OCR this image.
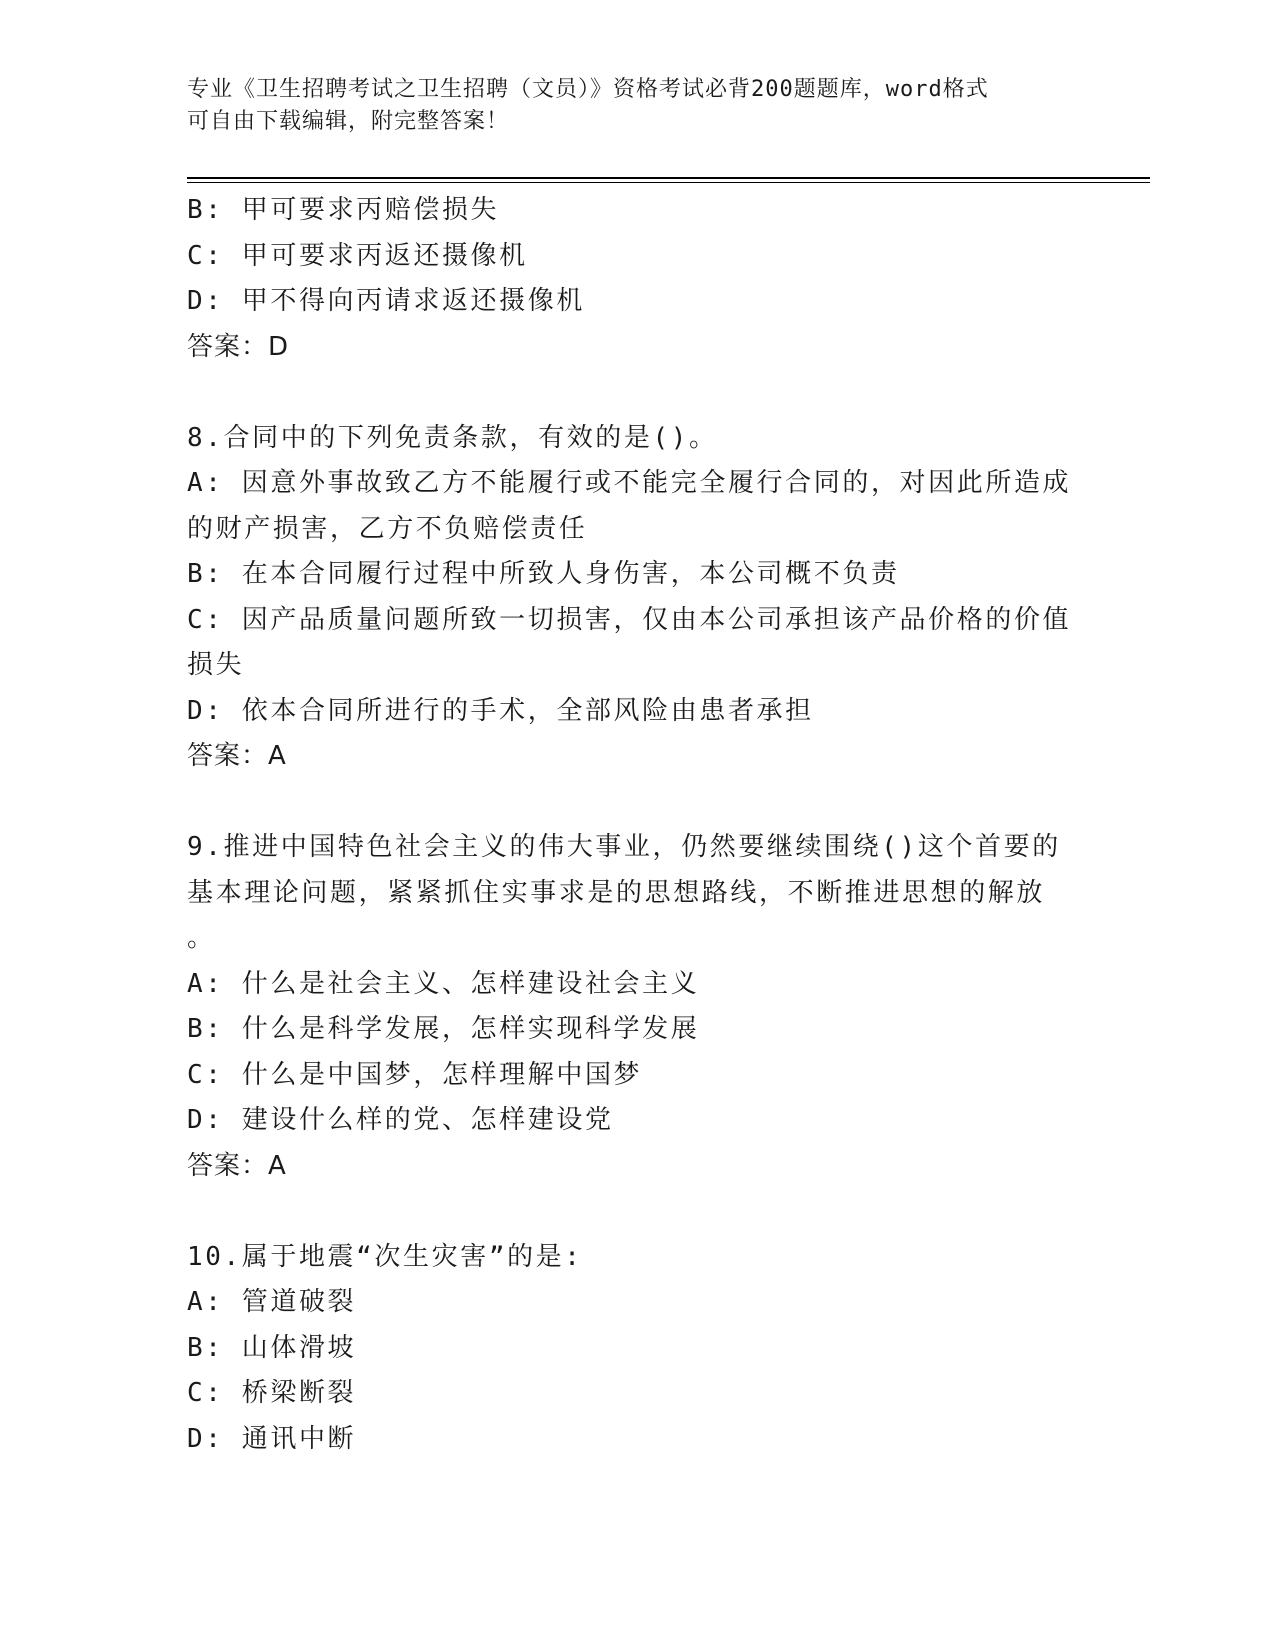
专业《卫生招聘考试之卫生招聘（文员）》资格考试必背200题题库，word格式

可自由下载编辑，附完整答案！

B: 甲可要求丙赔偿损失

C: 甲可要求丙返还摄像机

D: 甲不得向丙请求返还摄像机

答案：D

8.合同中的下列免责条款，有效的是()。

A: 因意外事故致乙方不能履行或不能完全履行合同的，对因此所造成

的财产损害，乙方不负赔偿责任

B: 在本合同履行过程中所致人身伤害，本公司概不负责

C: 因产品质量问题所致一切损害，仅由本公司承担该产品价格的价值

损失

D: 依本合同所进行的手术，全部风险由患者承担

答案：A

9.推进中国特色社会主义的伟大事业，仍然要继续围绕()这个首要的

基本理论问题，紧紧抓住实事求是的思想路线，不断推进思想的解放

。

A: 什么是社会主义、怎样建设社会主义

B: 什么是科学发展，怎样实现科学发展

C: 什么是中国梦，怎样理解中国梦

D: 建设什么样的党、怎样建设党

答案：A

10.属于地震“次生灾害”的是:

A: 管道破裂

B: 山体滑坡

C: 桥梁断裂

D: 通讯中断
